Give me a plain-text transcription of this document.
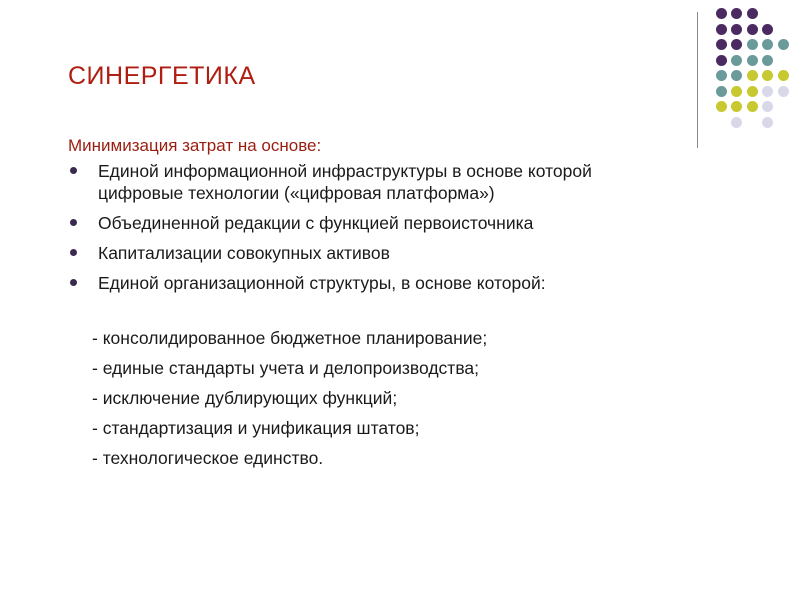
СИНЕРГЕТИКА

Минимизация затрат на основе:

Единой информационной инфраструктуры в основе которой цифровые технологии («цифровая платформа»)
Объединенной редакции с функцией первоисточника
Капитализации совокупных активов
Единой организационной структуры, в основе которой:
- консолидированное бюджетное планирование;
- единые стандарты учета и делопроизводства;
- исключение дублирующих функций;
- стандартизация и унификация штатов;
- технологическое единство.
